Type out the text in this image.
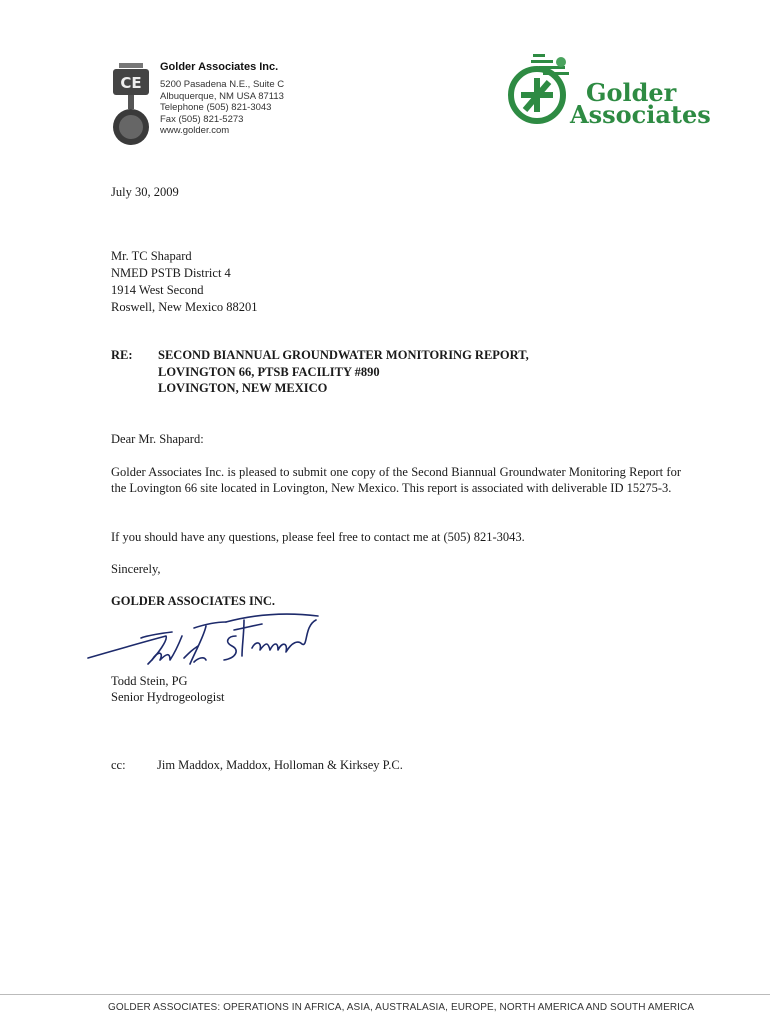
CE
Golder Associates Inc.
5200 Pasadena N.E., Suite C
Albuquerque, NM USA 87113
Telephone (505) 821-3043
Fax (505) 821-5273
www.golder.com
Golder
Associates
July 30, 2009
Mr. TC Shapard
NMED PSTB District 4
1914 West Second
Roswell, New Mexico 88201
RE: SECOND BIANNUAL GROUNDWATER MONITORING REPORT,
LOVINGTON 66, PTSB FACILITY #890
LOVINGTON, NEW MEXICO
Dear Mr. Shapard:
Golder Associates Inc. is pleased to submit one copy of the Second Biannual Groundwater Monitoring Report for the Lovington 66 site located in Lovington, New Mexico. This report is associated with deliverable ID 15275-3.
If you should have any questions, please feel free to contact me at (505) 821-3043.
Sincerely,
GOLDER ASSOCIATES INC.
Todd Stein, PG
Senior Hydrogeologist
cc:	Jim Maddox, Maddox, Holloman & Kirksey P.C.
GOLDER ASSOCIATES: OPERATIONS IN AFRICA, ASIA, AUSTRALASIA, EUROPE, NORTH AMERICA AND SOUTH AMERICA
